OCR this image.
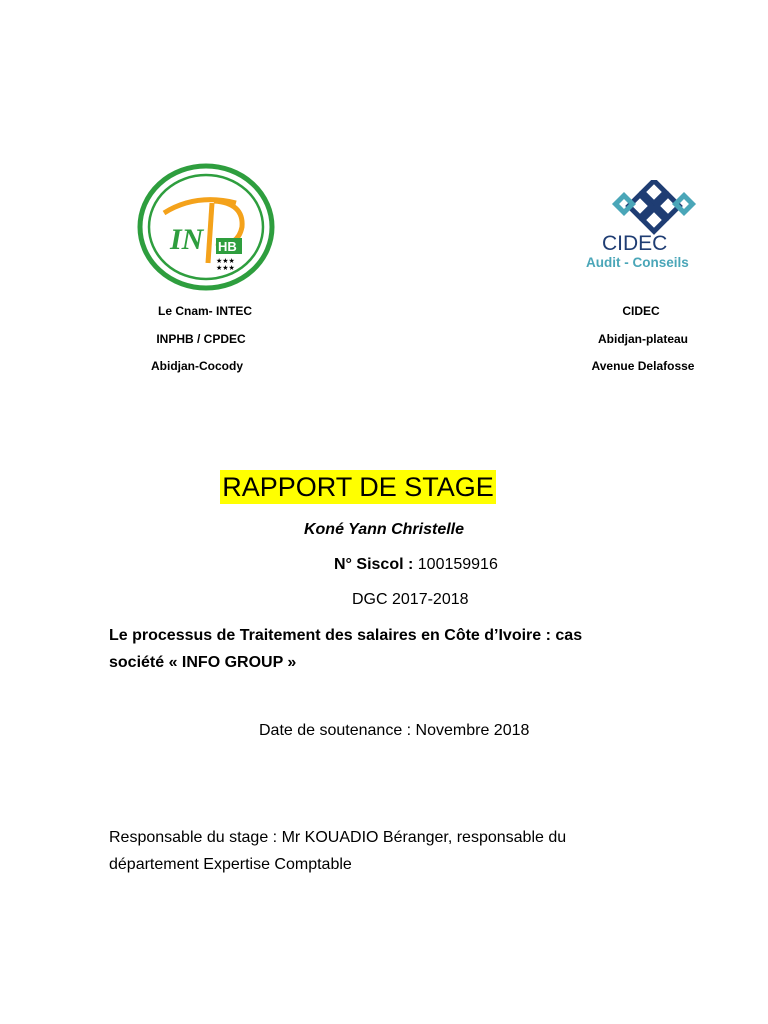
IN HB
★★★
★★★
CIDEC
Audit - Conseils
Le Cnam- INTEC
INPHB / CPDEC
Abidjan-Cocody
CIDEC
Abidjan-plateau
Avenue Delafosse
RAPPORT DE STAGE
Koné Yann Christelle
N° Siscol : 100159916
DGC 2017-2018
Le processus de Traitement des salaires en Côte d’Ivoire : cas
société « INFO GROUP »
Date de soutenance : Novembre 2018
Responsable du stage : Mr KOUADIO Béranger, responsable du
département Expertise Comptable
